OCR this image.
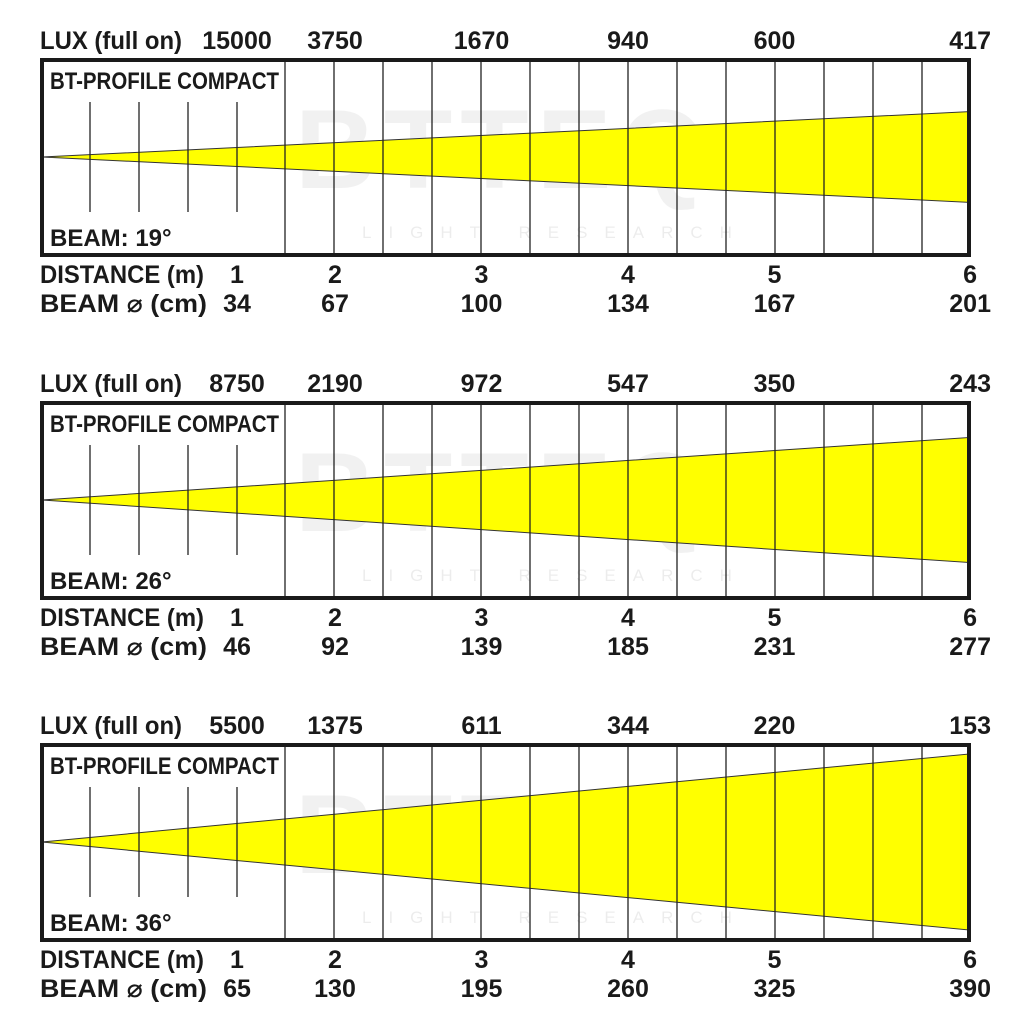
LIGHT RESEARCH
BT-PROFILE COMPACT
BEAM: 19°
LUX (full on)
DISTANCE (m)
BEAM ⌀ (cm)
15000
1
34
3750
2
67
1670
3
100
940
4
134
600
5
167
417
6
201
LIGHT RESEARCH
BT-PROFILE COMPACT
BEAM: 26°
LUX (full on)
DISTANCE (m)
BEAM ⌀ (cm)
8750
1
46
2190
2
92
972
3
139
547
4
185
350
5
231
243
6
277
LIGHT RESEARCH
BT-PROFILE COMPACT
BEAM: 36°
LUX (full on)
DISTANCE (m)
BEAM ⌀ (cm)
5500
1
65
1375
2
130
611
3
195
344
4
260
220
5
325
153
6
390
